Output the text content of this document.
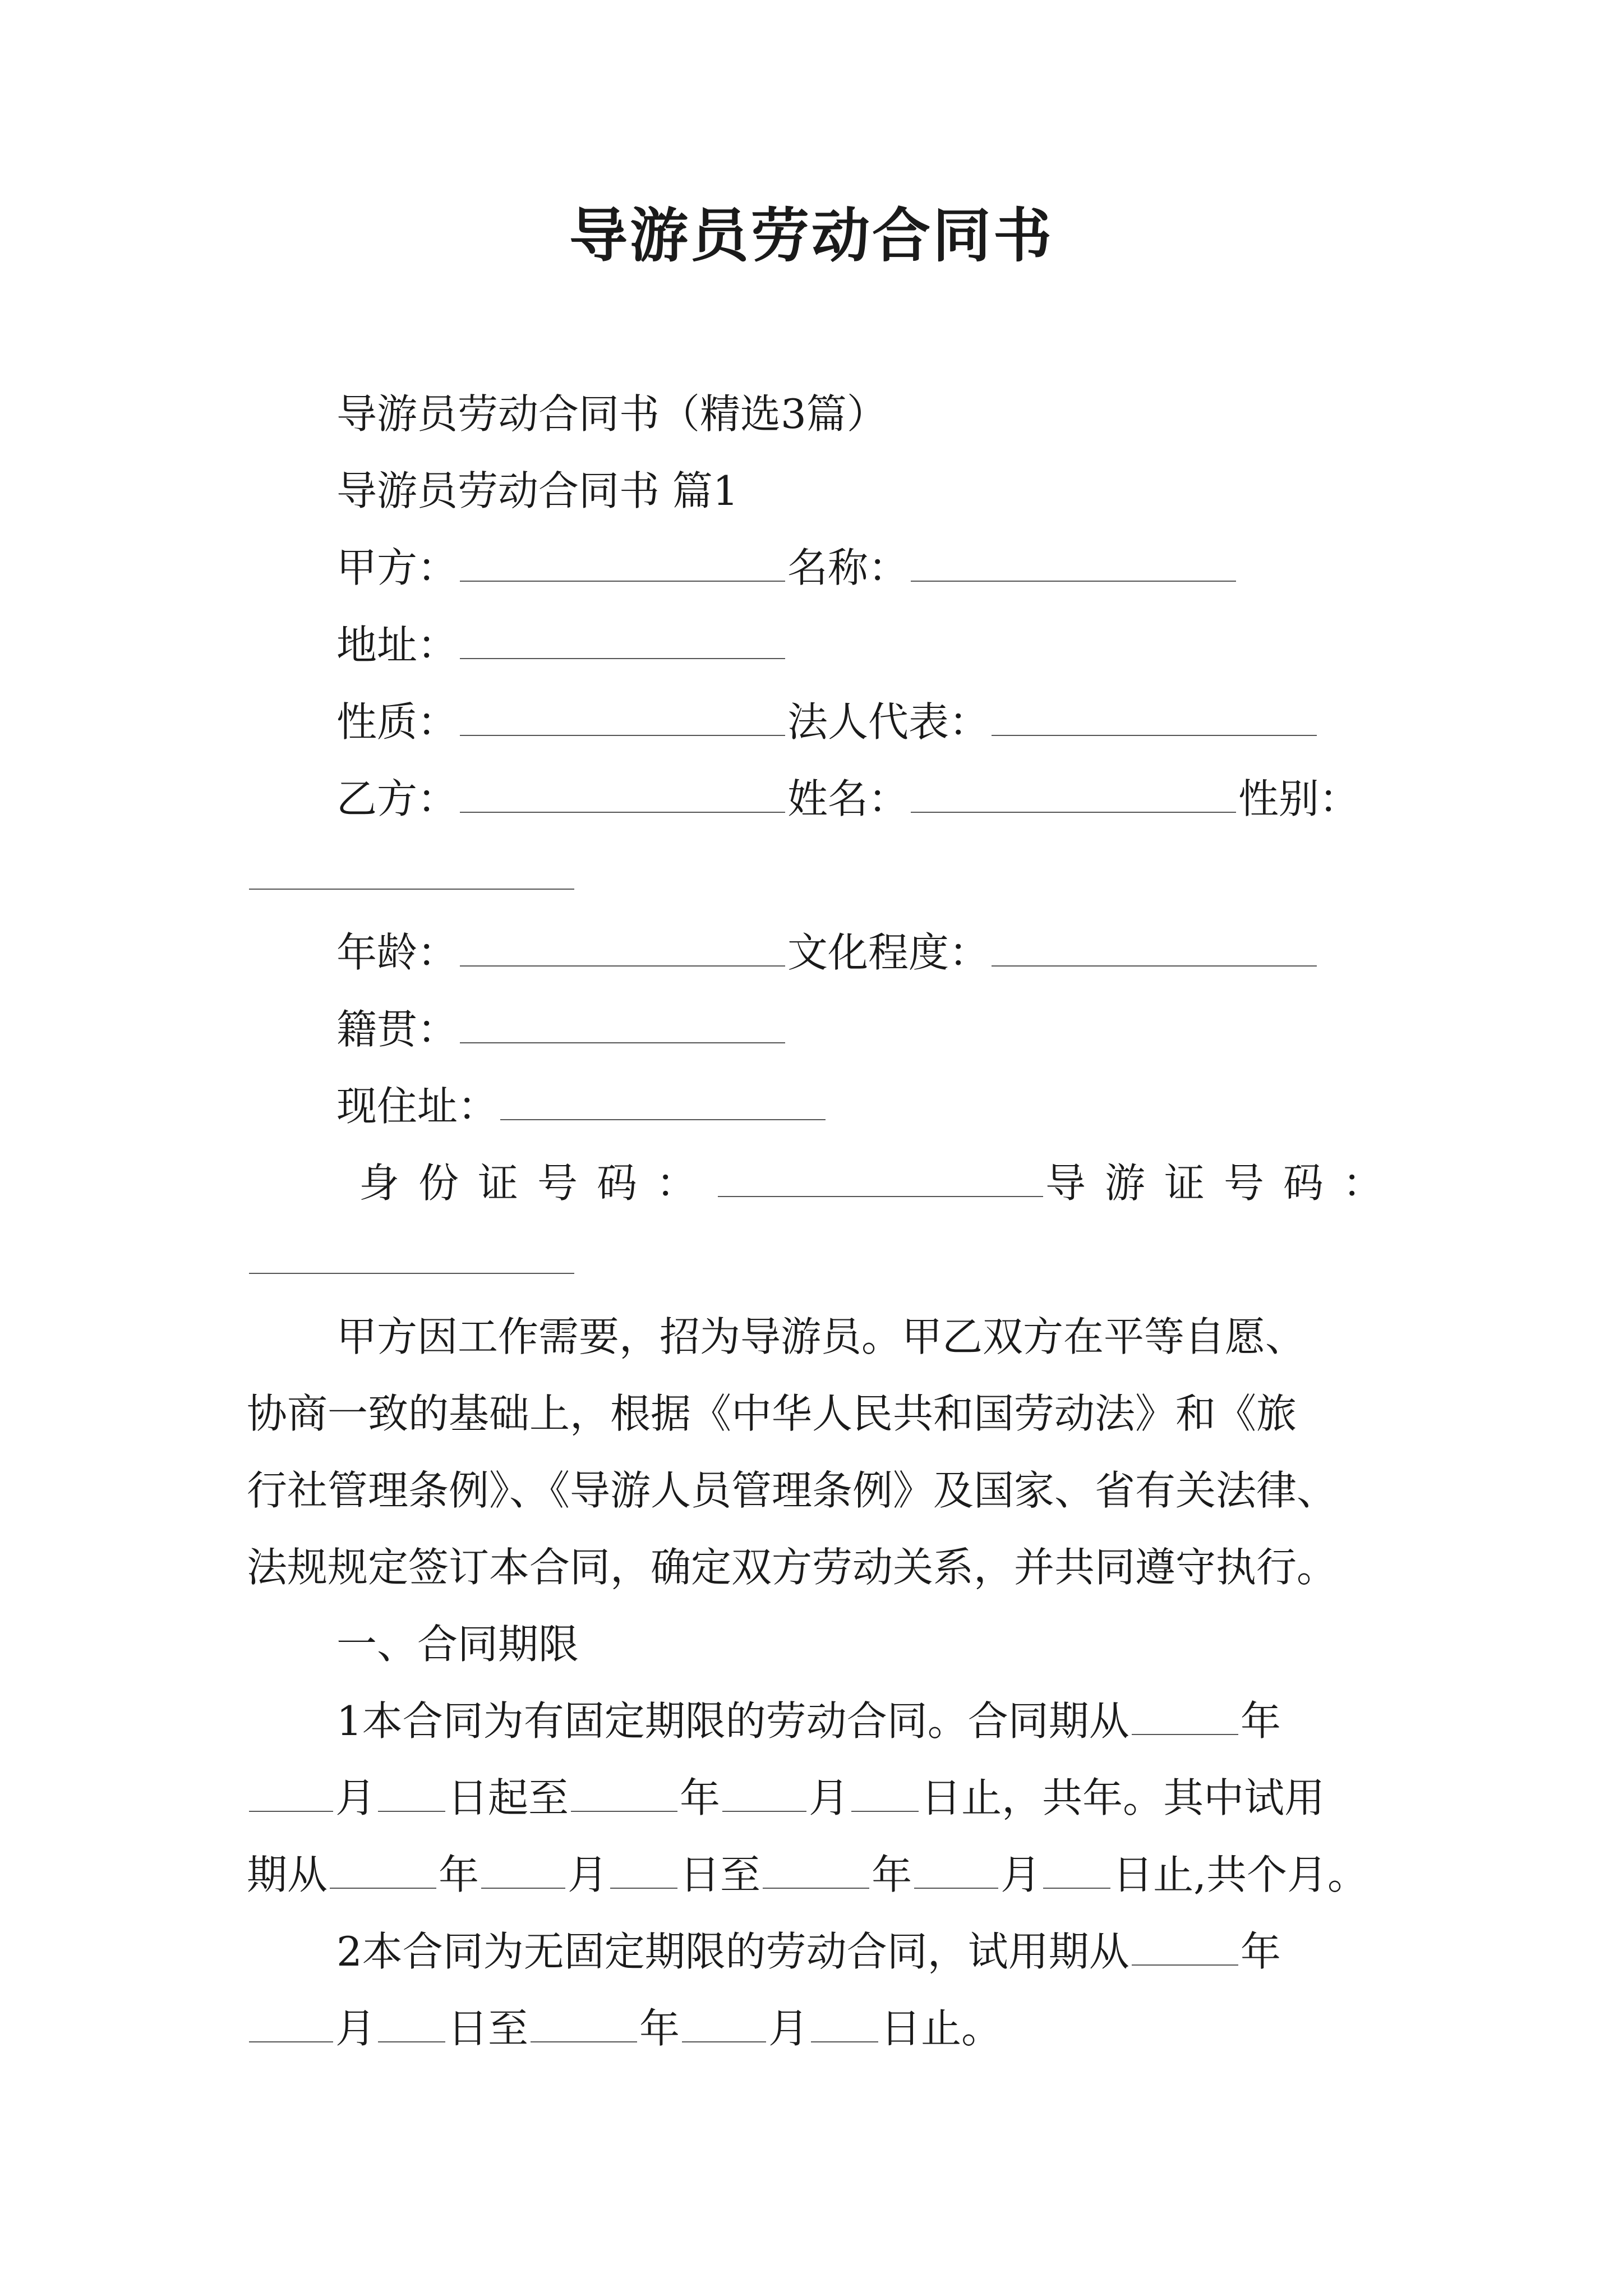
导游员劳动合同书
导游员劳动合同书（精选3篇）
导游员劳动合同书 篇1
甲方：	名称：
地址：
性质：	法人代表：
乙方：	姓名：	性别：
年龄：	文化程度：
籍贯：
现住址：
身份证号码：	导游证号码：
甲方因工作需要，招为导游员。甲乙双方在平等自愿、
协商一致的基础上，根据《中华人民共和国劳动法》和《旅
行社管理条例》、《导游人员管理条例》及国家、省有关法律、
法规规定签订本合同，确定双方劳动关系，并共同遵守执行。
一、合同期限
1本合同为有固定期限的劳动合同。合同期从	年
月 日起至	年 月 日止，共年。其中试用
期从	年 月 日至	年 月 日止,共个月。
2本合同为无固定期限的劳动合同，试用期从	年
月 日至	年 月 日止。
